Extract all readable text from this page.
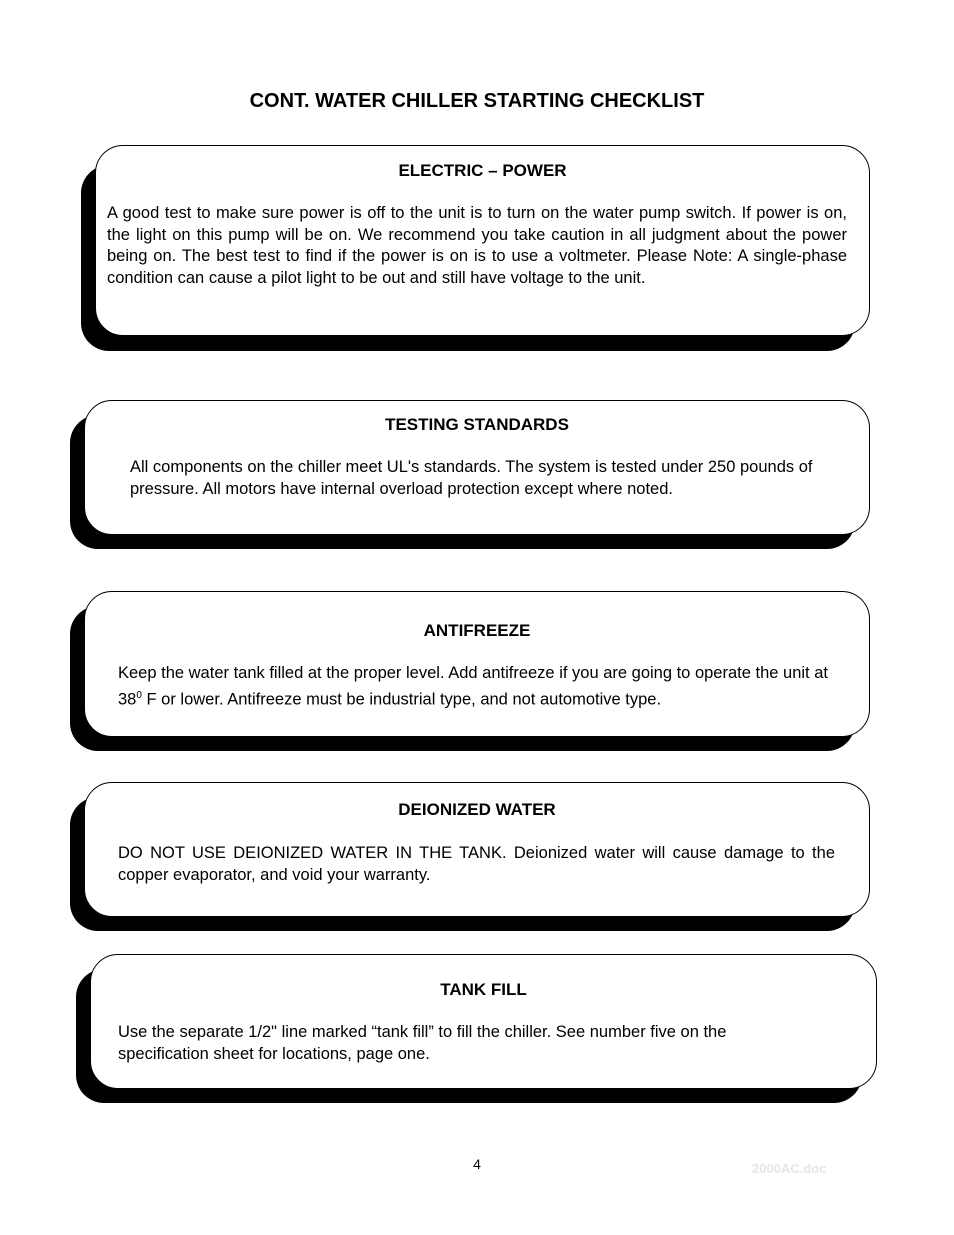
CONT. WATER CHILLER STARTING CHECKLIST
ELECTRIC – POWER

A good test to make sure power is off to the unit is to turn on the water pump switch. If power is on, the light on this pump will be on. We recommend you take caution in all judgment about the power being on. The best test to find if the power is on is to use a voltmeter. Please Note: A single-phase condition can cause a pilot light to be out and still have voltage to the unit.

TESTING STANDARDS

All components on the chiller meet UL's standards. The system is tested under 250 pounds of pressure. All motors have internal overload protection except where noted.

ANTIFREEZE

Keep the water tank filled at the proper level. Add antifreeze if you are going to operate the unit at $38^0$ F or lower. Antifreeze must be industrial type, and not automotive type.

DEIONIZED WATER

DO NOT USE DEIONIZED WATER IN THE TANK. Deionized water will cause damage to the copper evaporator, and void your warranty.

TANK FILL

Use the separate 1/2" line marked “tank fill” to fill the chiller. See number five on the specification sheet for locations, page one.

4	2000AC.doc
